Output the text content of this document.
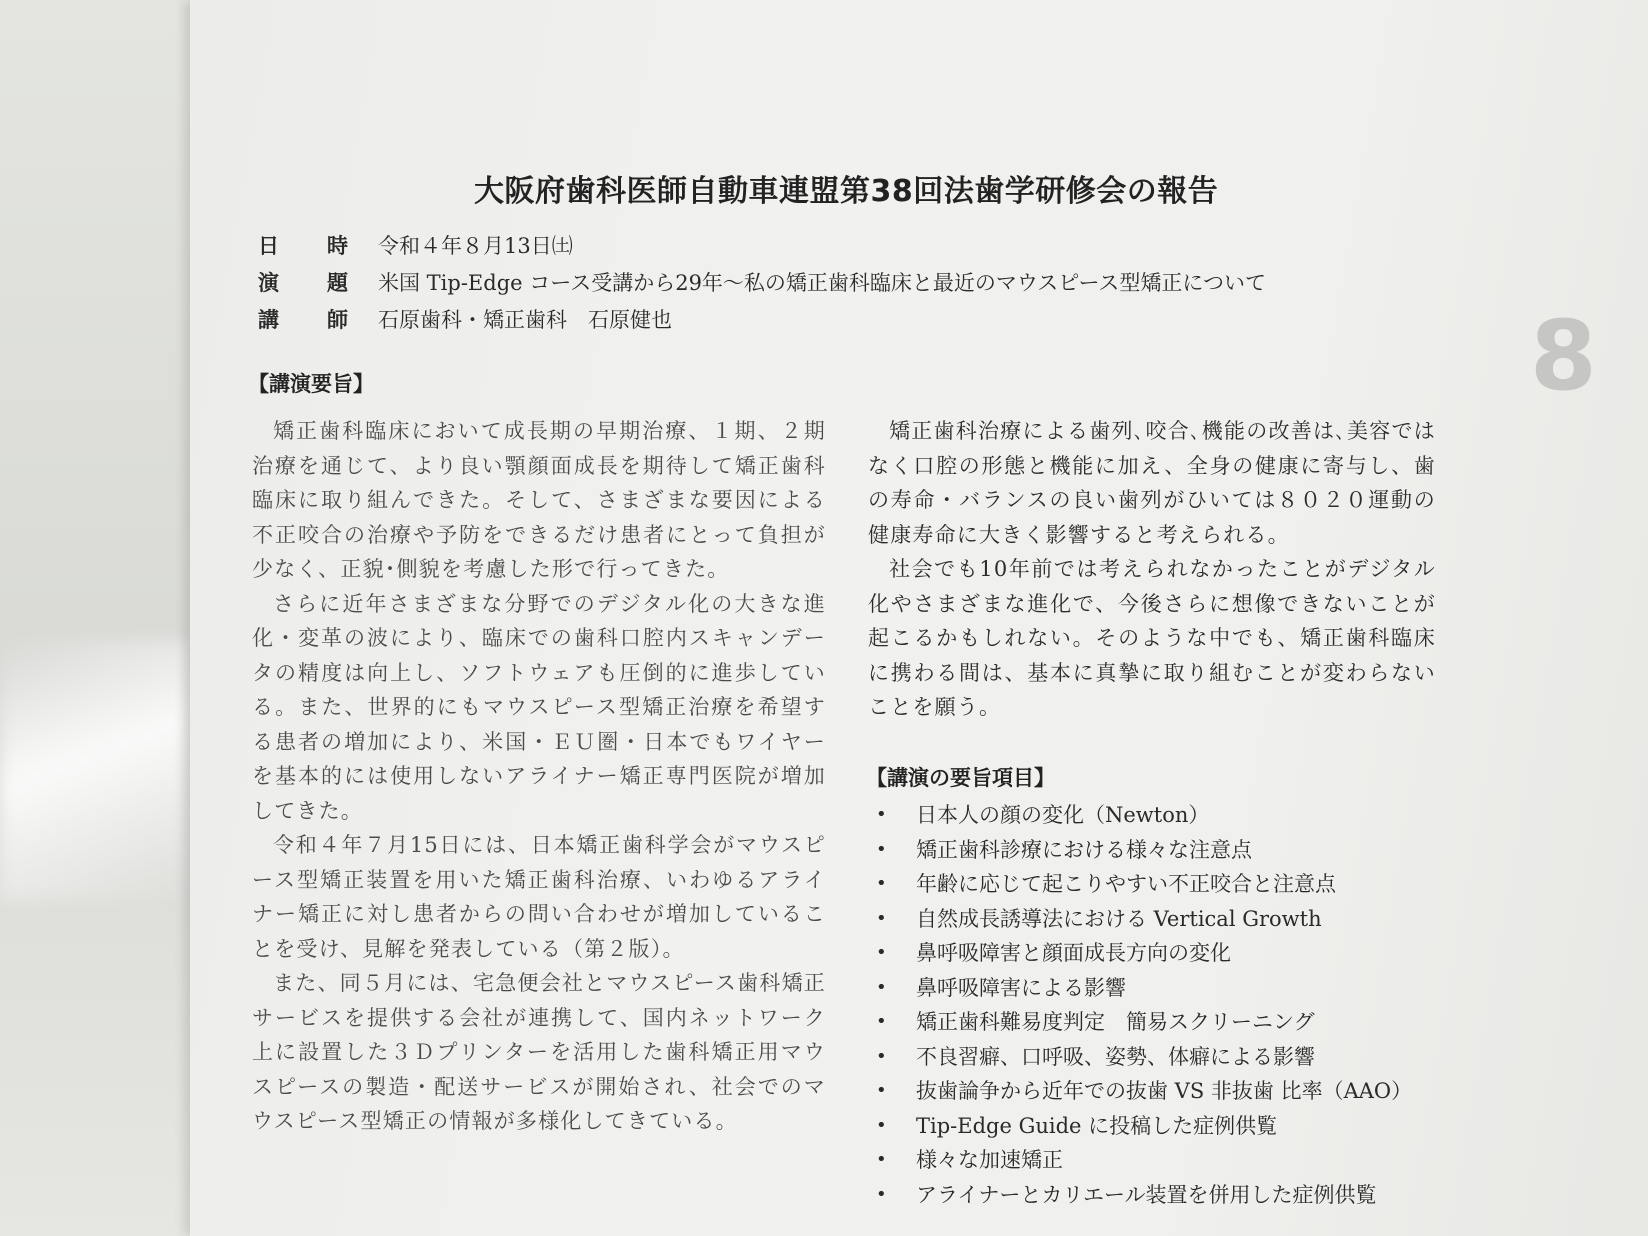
8
大阪府歯科医師自動車連盟第38回法歯学研修会の報告
日　　時 令和４年８月13日㈯
演　　題 米国 Tip-Edge コース受講から29年～私の矯正歯科臨床と最近のマウスピース型矯正について
講　　師 石原歯科・矯正歯科　石原健也
【講演要旨】

矯正歯科臨床において成長期の早期治療、１期、２期治療を通じて、より良い顎顔面成長を期待して矯正歯科臨床に取り組んできた。そして、さまざまな要因による不正咬合の治療や予防をできるだけ患者にとって負担が少なく、正貌･側貌を考慮した形で行ってきた。

さらに近年さまざまな分野でのデジタル化の大きな進化・変革の波により、臨床での歯科口腔内スキャンデータの精度は向上し、ソフトウェアも圧倒的に進歩している。また、世界的にもマウスピース型矯正治療を希望する患者の増加により、米国・ＥＵ圏・日本でもワイヤーを基本的には使用しないアライナー矯正専門医院が増加してきた。

令和４年７月15日には、日本矯正歯科学会がマウスピース型矯正装置を用いた矯正歯科治療、いわゆるアライナー矯正に対し患者からの問い合わせが増加していることを受け、見解を発表している（第２版）。

また、同５月には、宅急便会社とマウスピース歯科矯正サービスを提供する会社が連携して、国内ネットワーク上に設置した３Ｄプリンターを活用した歯科矯正用マウスピースの製造・配送サービスが開始され、社会でのマウスピース型矯正の情報が多様化してきている。

矯正歯科治療による歯列､咬合､機能の改善は､美容ではなく口腔の形態と機能に加え、全身の健康に寄与し、歯の寿命・バランスの良い歯列がひいては８０２０運動の健康寿命に大きく影響すると考えられる。

社会でも10年前では考えられなかったことがデジタル化やさまざまな進化で、今後さらに想像できないことが起こるかもしれない。そのような中でも、矯正歯科臨床に携わる間は、基本に真摯に取り組むことが変わらないことを願う。

【講演の要旨項目】
• 日本人の顔の変化（Newton）
• 矯正歯科診療における様々な注意点
• 年齢に応じて起こりやすい不正咬合と注意点
• 自然成長誘導法における Vertical Growth
• 鼻呼吸障害と顔面成長方向の変化
• 鼻呼吸障害による影響
• 矯正歯科難易度判定　簡易スクリーニング
• 不良習癖、口呼吸、姿勢、体癖による影響
• 抜歯論争から近年での抜歯 VS 非抜歯 比率（AAO）
• Tip-Edge Guide に投稿した症例供覧
• 様々な加速矯正
• アライナーとカリエール装置を併用した症例供覧
